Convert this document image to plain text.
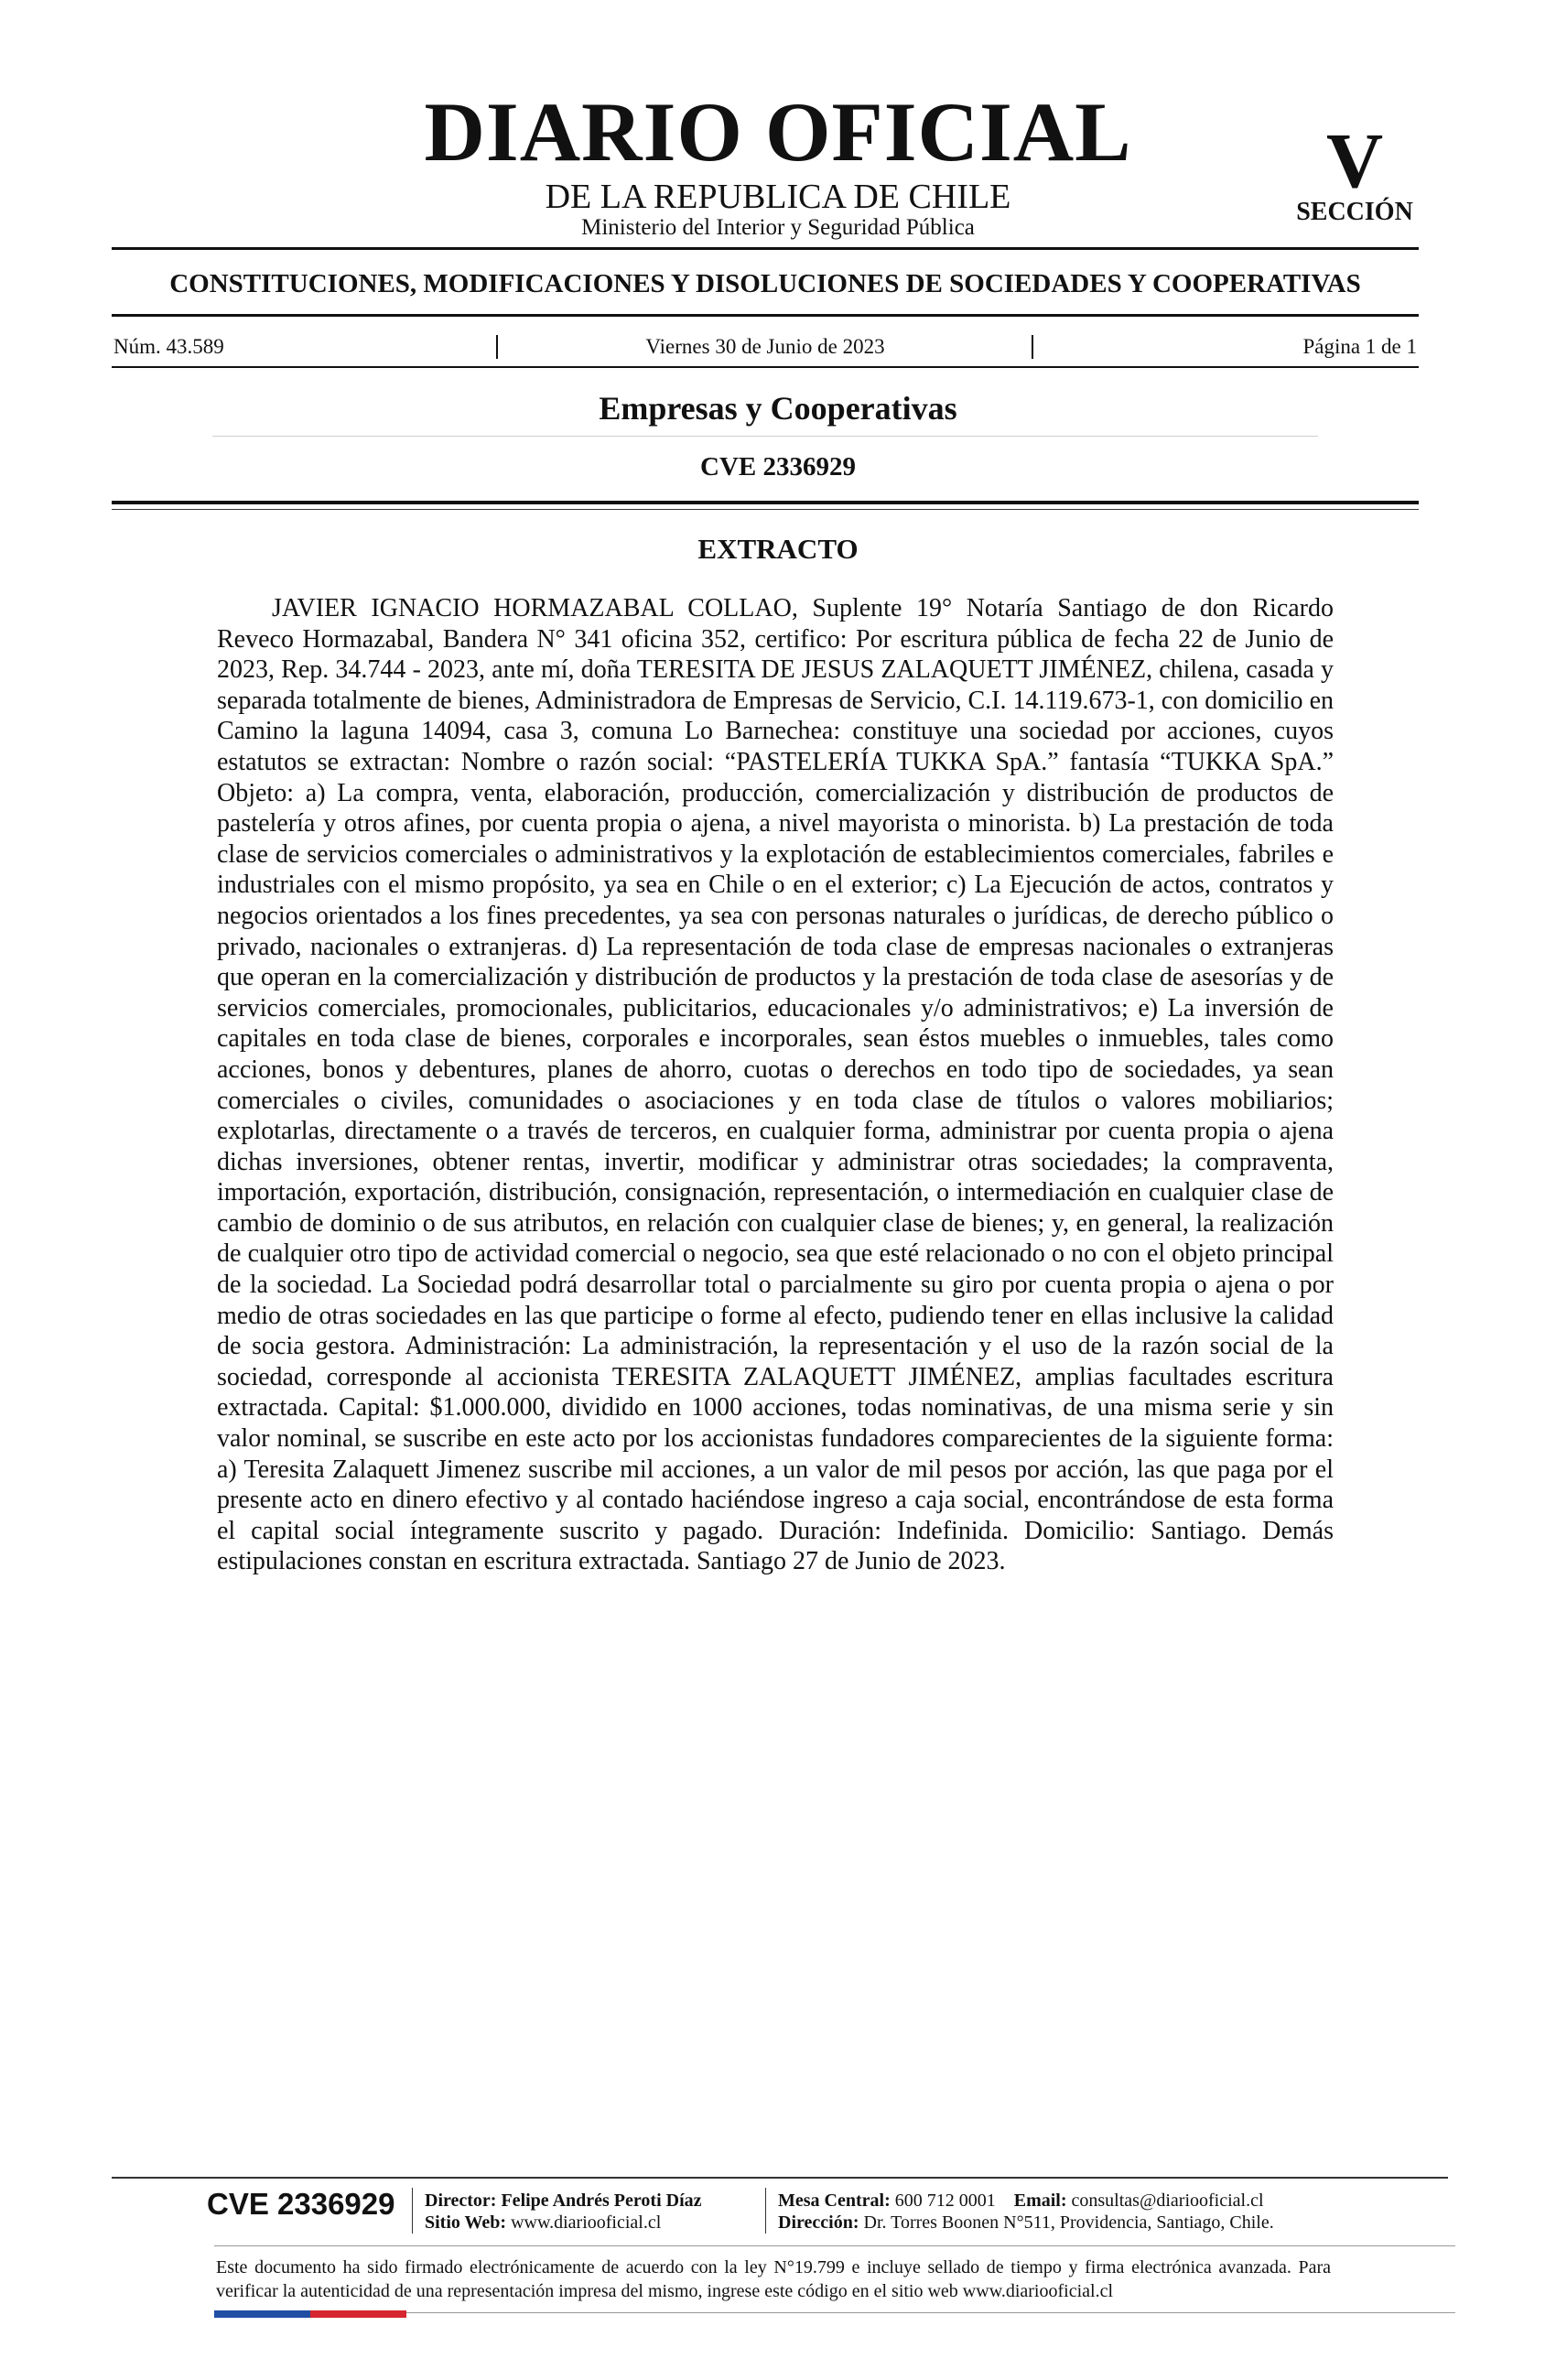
DIARIO OFICIAL
DE LA REPUBLICA DE CHILE
Ministerio del Interior y Seguridad Pública
V
SECCIÓN
CONSTITUCIONES, MODIFICACIONES Y DISOLUCIONES DE SOCIEDADES Y COOPERATIVAS
Núm. 43.589	Viernes 30 de Junio de 2023	Página 1 de 1
Empresas y Cooperativas
CVE 2336929
EXTRACTO
JAVIER IGNACIO HORMAZABAL COLLAO, Suplente 19° Notaría Santiago de don Ricardo Reveco Hormazabal, Bandera N° 341 oficina 352, certifico: Por escritura pública de fecha 22 de Junio de 2023, Rep. 34.744 - 2023, ante mí, doña TERESITA DE JESUS ZALAQUETT JIMÉNEZ, chilena, casada y separada totalmente de bienes, Administradora de Empresas de Servicio, C.I. 14.119.673-1, con domicilio en Camino la laguna 14094, casa 3, comuna Lo Barnechea: constituye una sociedad por acciones, cuyos estatutos se extractan: Nombre o razón social: “PASTELERÍA TUKKA SpA.” fantasía “TUKKA SpA.” Objeto: a) La compra, venta, elaboración, producción, comercialización y distribución de productos de pastelería y otros afines, por cuenta propia o ajena, a nivel mayorista o minorista. b) La prestación de toda clase de servicios comerciales o administrativos y la explotación de establecimientos comerciales, fabriles e industriales con el mismo propósito, ya sea en Chile o en el exterior; c) La Ejecución de actos, contratos y negocios orientados a los fines precedentes, ya sea con personas naturales o jurídicas, de derecho público o privado, nacionales o extranjeras. d) La representación de toda clase de empresas nacionales o extranjeras que operan en la comercialización y distribución de productos y la prestación de toda clase de asesorías y de servicios comerciales, promocionales, publicitarios, educacionales y/o administrativos; e) La inversión de capitales en toda clase de bienes, corporales e incorporales, sean éstos muebles o inmuebles, tales como acciones, bonos y debentures, planes de ahorro, cuotas o derechos en todo tipo de sociedades, ya sean comerciales o civiles, comunidades o asociaciones y en toda clase de títulos o valores mobiliarios; explotarlas, directamente o a través de terceros, en cualquier forma, administrar por cuenta propia o ajena dichas inversiones, obtener rentas, invertir, modificar y administrar otras sociedades; la compraventa, importación, exportación, distribución, consignación, representación, o intermediación en cualquier clase de cambio de dominio o de sus atributos, en relación con cualquier clase de bienes; y, en general, la realización de cualquier otro tipo de actividad comercial o negocio, sea que esté relacionado o no con el objeto principal de la sociedad. La Sociedad podrá desarrollar total o parcialmente su giro por cuenta propia o ajena o por medio de otras sociedades en las que participe o forme al efecto, pudiendo tener en ellas inclusive la calidad de socia gestora. Administración: La administración, la representación y el uso de la razón social de la sociedad, corresponde al accionista TERESITA ZALAQUETT JIMÉNEZ, amplias facultades escritura extractada. Capital: $1.000.000, dividido en 1000 acciones, todas nominativas, de una misma serie y sin valor nominal, se suscribe en este acto por los accionistas fundadores comparecientes de la siguiente forma: a) Teresita Zalaquett Jimenez suscribe mil acciones, a un valor de mil pesos por acción, las que paga por el presente acto en dinero efectivo y al contado haciéndose ingreso a caja social, encontrándose de esta forma el capital social íntegramente suscrito y pagado. Duración: Indefinida. Domicilio: Santiago. Demás estipulaciones constan en escritura extractada. Santiago 27 de Junio de 2023.
CVE 2336929 Director: Felipe Andrés Peroti Díaz
Sitio Web: www.diariooficial.cl
Mesa Central: 600 712 0001 Email: consultas@diariooficial.cl
Dirección: Dr. Torres Boonen N°511, Providencia, Santiago, Chile.
Este documento ha sido firmado electrónicamente de acuerdo con la ley N°19.799 e incluye sellado de tiempo y firma electrónica avanzada. Para verificar la autenticidad de una representación impresa del mismo, ingrese este código en el sitio web www.diariooficial.cl
